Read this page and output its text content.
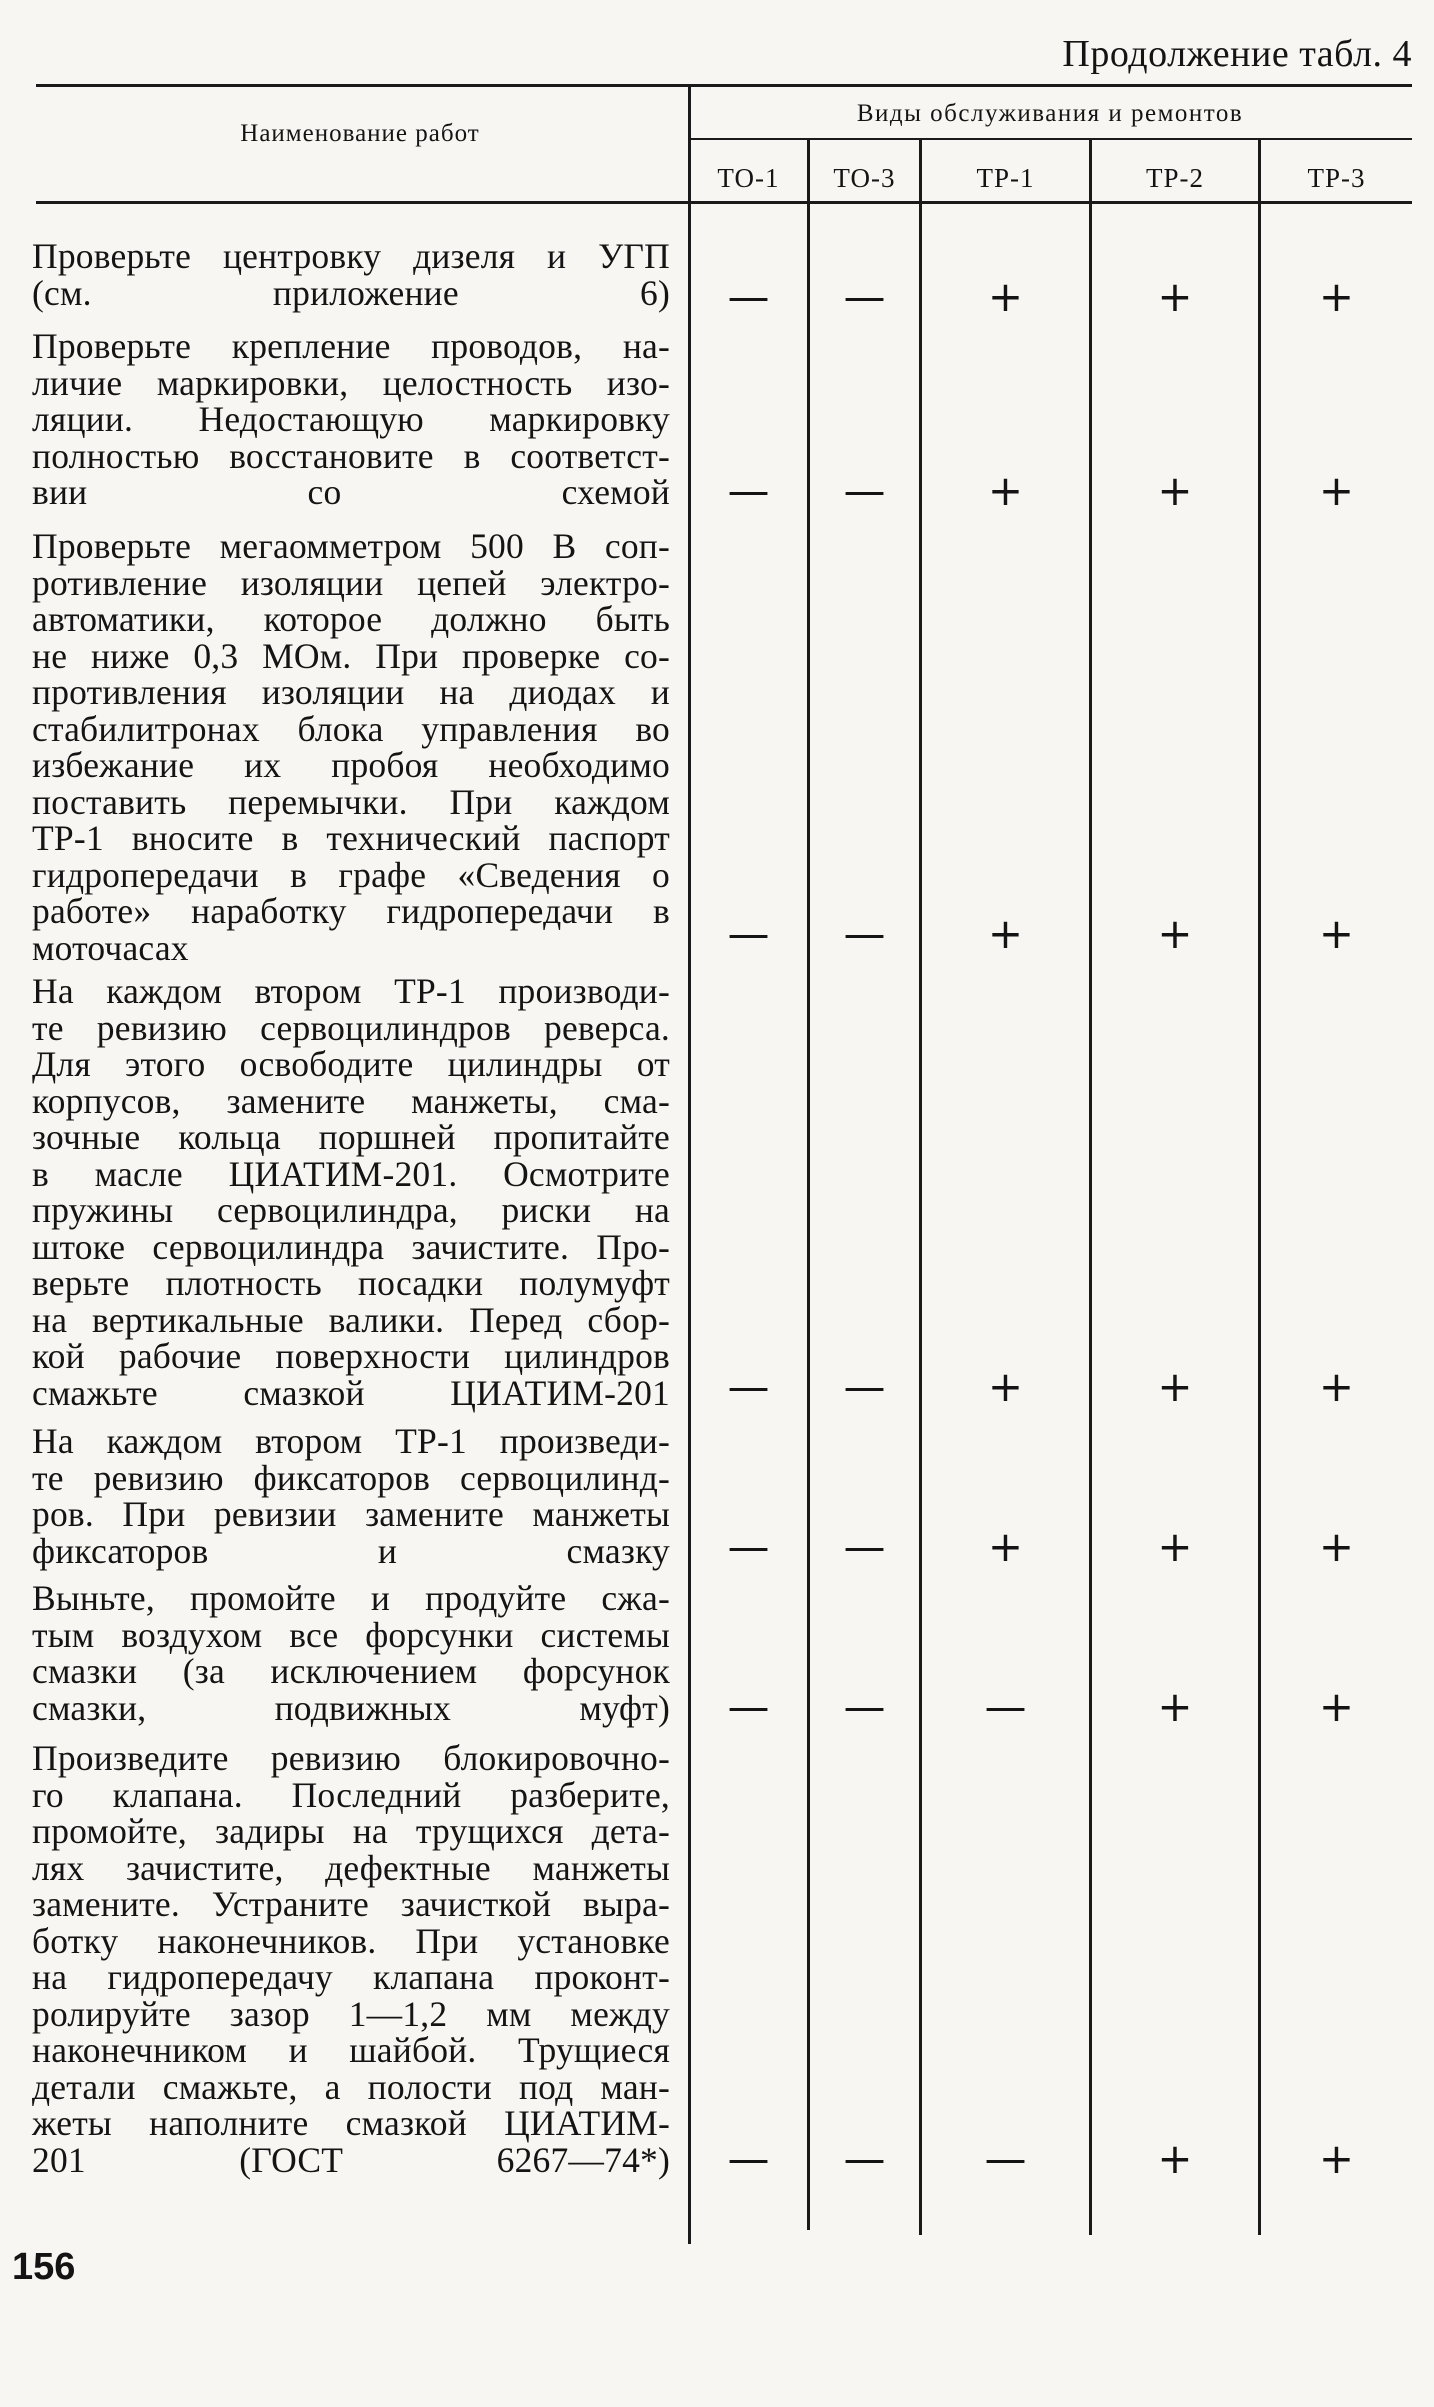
Продолжение табл. 4
Наименование работ
Виды обслуживания и ремонтов
ТО-1	ТО-3	ТР-1	ТР-2	ТР-3

Проверьте центровку дизеля и УГП
(см. приложение 6)	—	—	+	+	+

Проверьте крепление проводов, на-
личие маркировки, целостность изо-
ляции. Недостающую маркировку
полностью восстановите в соответст-
вии со схемой	—	—	+	+	+

Проверьте мегаомметром 500 В соп-
ротивление изоляции цепей электро-
автоматики, которое должно быть
не ниже 0,3 МОм. При проверке со-
противления изоляции на диодах и
стабилитронах блока управления во
избежание их пробоя необходимо
поставить перемычки. При каждом
ТР-1 вносите в технический паспорт
гидропередачи в графе «Сведения о
работе» наработку гидропередачи в
моточасах	—	—	+	+	+

На каждом втором ТР-1 производи-
те ревизию сервоцилиндров реверса.
Для этого освободите цилиндры от
корпусов, замените манжеты, сма-
зочные кольца поршней пропитайте
в масле ЦИАТИМ-201. Осмотрите
пружины сервоцилиндра, риски на
штоке сервоцилиндра зачистите. Про-
верьте плотность посадки полумуфт
на вертикальные валики. Перед сбор-
кой рабочие поверхности цилиндров
смажьте смазкой ЦИАТИМ-201	—	—	+	+	+

На каждом втором ТР-1 произведи-
те ревизию фиксаторов сервоцилинд-
ров. При ревизии замените манжеты
фиксаторов и смазку	—	—	+	+	+

Выньте, промойте и продуйте сжа-
тым воздухом все форсунки системы
смазки (за исключением форсунок
смазки, подвижных муфт)	—	—	—	+	+

Произведите ревизию блокировочно-
го клапана. Последний разберите,
промойте, задиры на трущихся дета-
лях зачистите, дефектные манжеты
замените. Устраните зачисткой выра-
ботку наконечников. При установке
на гидропередачу клапана проконт-
ролируйте зазор 1—1,2 мм между
наконечником и шайбой. Трущиеся
детали смажьте, а полости под ман-
жеты наполните смазкой ЦИАТИМ-
201 (ГОСТ 6267—74*)	—	—	—	+	+
156
